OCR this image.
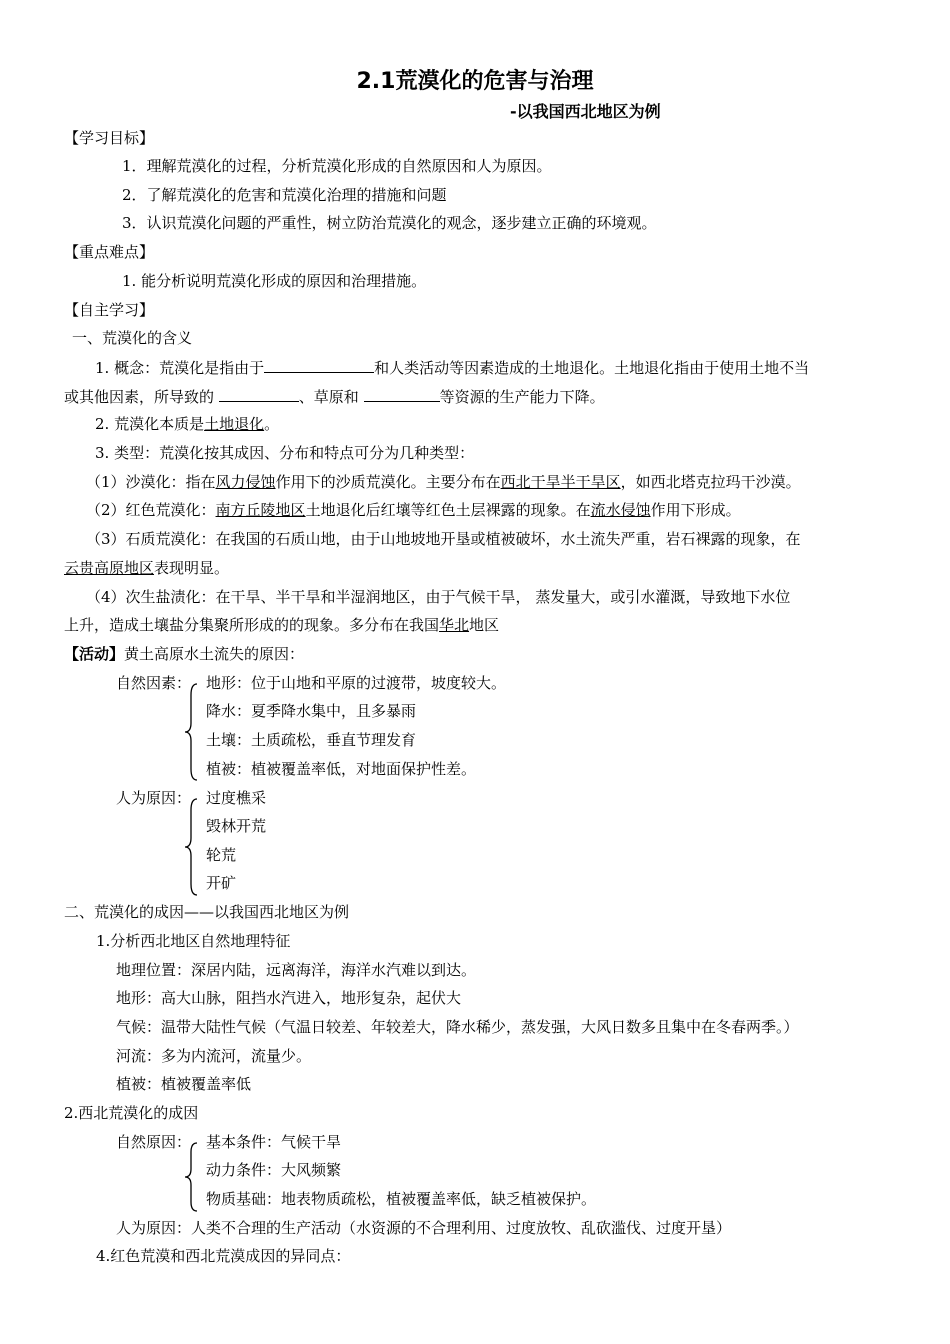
2.1荒漠化的危害与治理
-以我国西北地区为例
【学习目标】
1．理解荒漠化的过程，分析荒漠化形成的自然原因和人为原因。
2．了解荒漠化的危害和荒漠化治理的措施和问题
3．认识荒漠化问题的严重性，树立防治荒漠化的观念，逐步建立正确的环境观。
【重点难点】
1. 能分析说明荒漠化形成的原因和治理措施。
【自主学习】
一、荒漠化的含义
1. 概念：荒漠化是指由于	和人类活动等因素造成的土地退化。土地退化指由于使用土地不当
或其他因素，所导致的	、草原和	等资源的生产能力下降。
2. 荒漠化本质是土地退化。
3. 类型：荒漠化按其成因、分布和特点可分为几种类型：
（1）沙漠化：指在风力侵蚀作用下的沙质荒漠化。主要分布在西北干旱半干旱区，如西北塔克拉玛干沙漠。
（2）红色荒漠化：南方丘陵地区土地退化后红壤等红色土层裸露的现象。在流水侵蚀作用下形成。
（3）石质荒漠化：在我国的石质山地，由于山地坡地开垦或植被破坏，水土流失严重，岩石裸露的现象，在
云贵高原地区表现明显。
（4）次生盐渍化：在干旱、半干旱和半湿润地区，由于气候干旱， 蒸发量大，或引水灌溉，导致地下水位
上升，造成土壤盐分集聚所形成的的现象。多分布在我国华北地区
【活动】黄土高原水土流失的原因：
自然因素： 地形：位于山地和平原的过渡带，坡度较大。
降水：夏季降水集中，且多暴雨
土壤：土质疏松，垂直节理发育
植被：植被覆盖率低，对地面保护性差。
人为原因： 过度樵采
毁林开荒
轮荒
开矿
二、荒漠化的成因——以我国西北地区为例
1.分析西北地区自然地理特征
地理位置：深居内陆，远离海洋，海洋水汽难以到达。
地形：高大山脉，阻挡水汽进入，地形复杂，起伏大
气候：温带大陆性气候（气温日较差、年较差大，降水稀少，蒸发强，大风日数多且集中在冬春两季。）
河流：多为内流河，流量少。
植被：植被覆盖率低
2.西北荒漠化的成因
自然原因： 基本条件：气候干旱
动力条件：大风频繁
物质基础：地表物质疏松，植被覆盖率低，缺乏植被保护。
人为原因：人类不合理的生产活动（水资源的不合理利用、过度放牧、乱砍滥伐、过度开垦）
4.红色荒漠和西北荒漠成因的异同点：
